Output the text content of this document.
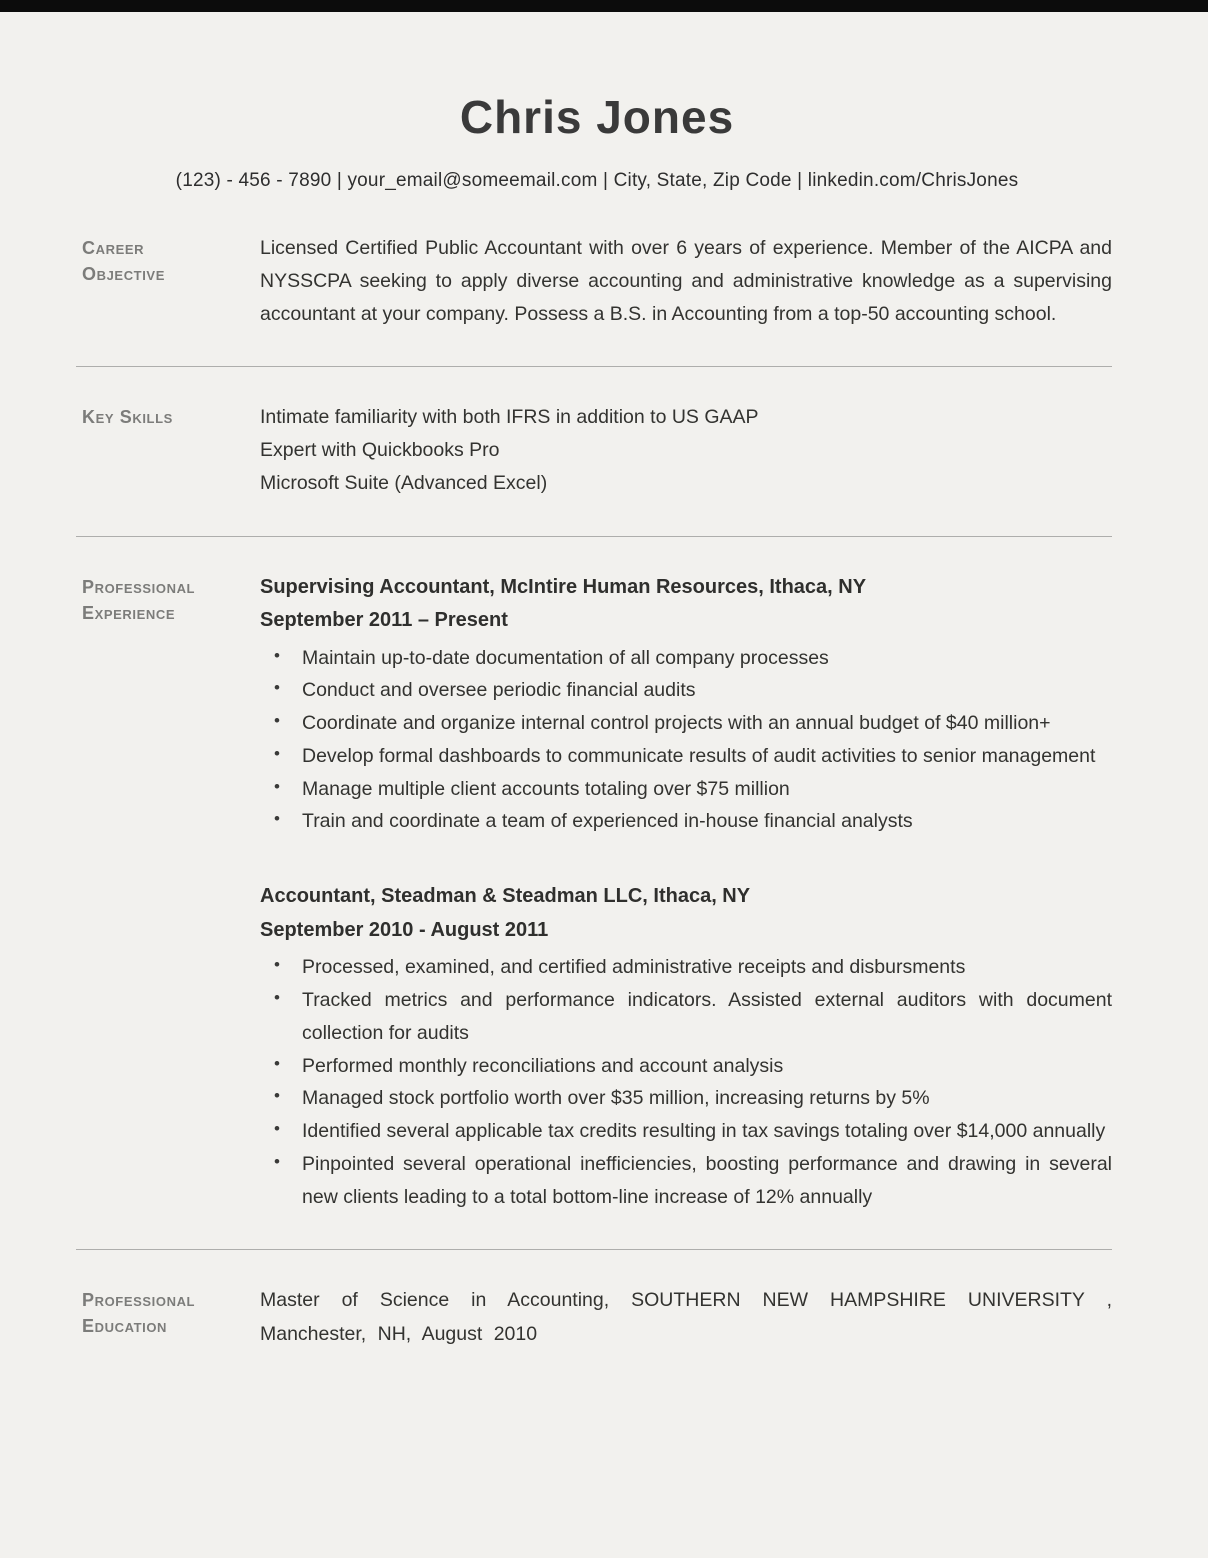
Chris Jones
(123) - 456 - 7890 | your_email@someemail.com | City, State, Zip Code | linkedin.com/ChrisJones
Career
Objective
Licensed Certified Public Accountant with over 6 years of experience. Member of the AICPA and NYSSCPA seeking to apply diverse accounting and administrative knowledge as a supervising accountant at your company. Possess a B.S. in Accounting from a top-50 accounting school.
Key Skills	Intimate familiarity with both IFRS in addition to US GAAP
Expert with Quickbooks Pro
Microsoft Suite (Advanced Excel)
Professional
Experience
Supervising Accountant, McIntire Human Resources, Ithaca, NY
September 2011 – Present
• Maintain up-to-date documentation of all company processes
• Conduct and oversee periodic financial audits
• Coordinate and organize internal control projects with an annual budget of $40 million+
• Develop formal dashboards to communicate results of audit activities to senior management
• Manage multiple client accounts totaling over $75 million
• Train and coordinate a team of experienced in-house financial analysts
Accountant, Steadman & Steadman LLC, Ithaca, NY
September 2010 - August 2011
• Processed, examined, and certified administrative receipts and disbursments
• Tracked metrics and performance indicators. Assisted external auditors with document collection for audits
• Performed monthly reconciliations and account analysis
• Managed stock portfolio worth over $35 million, increasing returns by 5%
• Identified several applicable tax credits resulting in tax savings totaling over $14,000 annually
• Pinpointed several operational inefficiencies, boosting performance and drawing in several new clients leading to a total bottom-line increase of 12% annually
Professional
Education
Master of Science in Accounting, SOUTHERN NEW HAMPSHIRE UNIVERSITY , Manchester, NH, August 2010
